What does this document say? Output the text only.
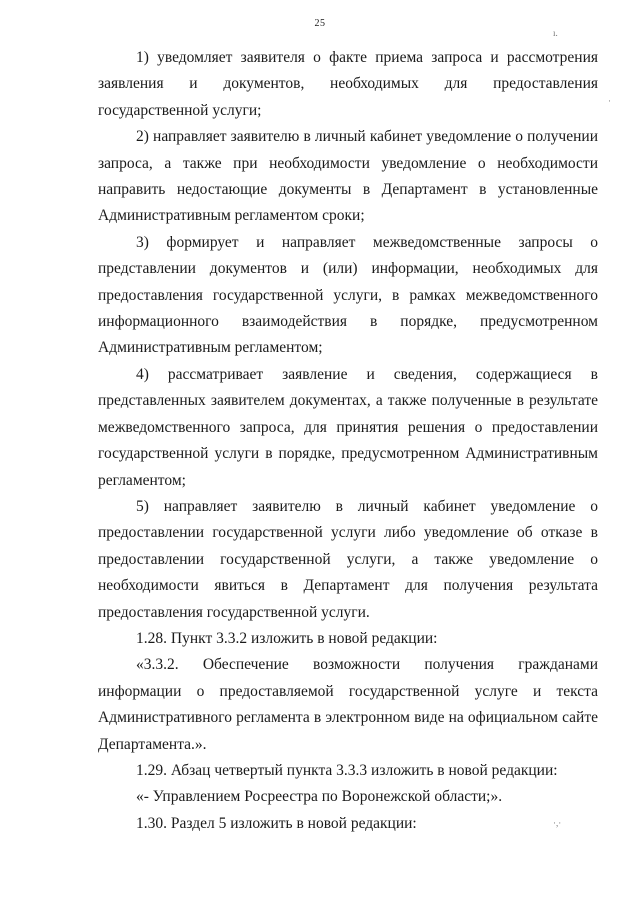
25
ı.
·
·,·

1) уведомляет заявителя о факте приема запроса и рассмотрения заявления и документов, необходимых для предоставления государственной услуги;

2) направляет заявителю в личный кабинет уведомление о получении запроса, а также при необходимости уведомление о необходимости направить недостающие документы в Департамент в установленные Административным регламентом сроки;

3) формирует и направляет межведомственные запросы о представлении документов и (или) информации, необходимых для предоставления государственной услуги, в рамках межведомственного информационного взаимодействия в порядке, предусмотренном Административным регламентом;

4) рассматривает заявление и сведения, содержащиеся в представленных заявителем документах, а также полученные в результате межведомственного запроса, для принятия решения о предоставлении государственной услуги в порядке, предусмотренном Административным регламентом;

5) направляет заявителю в личный кабинет уведомление о предоставлении государственной услуги либо уведомление об отказе в предоставлении государственной услуги, а также уведомление о необходимости явиться в Департамент для получения результата предоставления государственной услуги.

1.28. Пункт 3.3.2 изложить в новой редакции:

«3.3.2. Обеспечение возможности получения гражданами информации о предоставляемой государственной услуге и текста Административного регламента в электронном виде на официальном сайте Департамента.».

1.29. Абзац четвертый пункта 3.3.3 изложить в новой редакции:

«- Управлением Росреестра по Воронежской области;».

1.30. Раздел 5 изложить в новой редакции:
